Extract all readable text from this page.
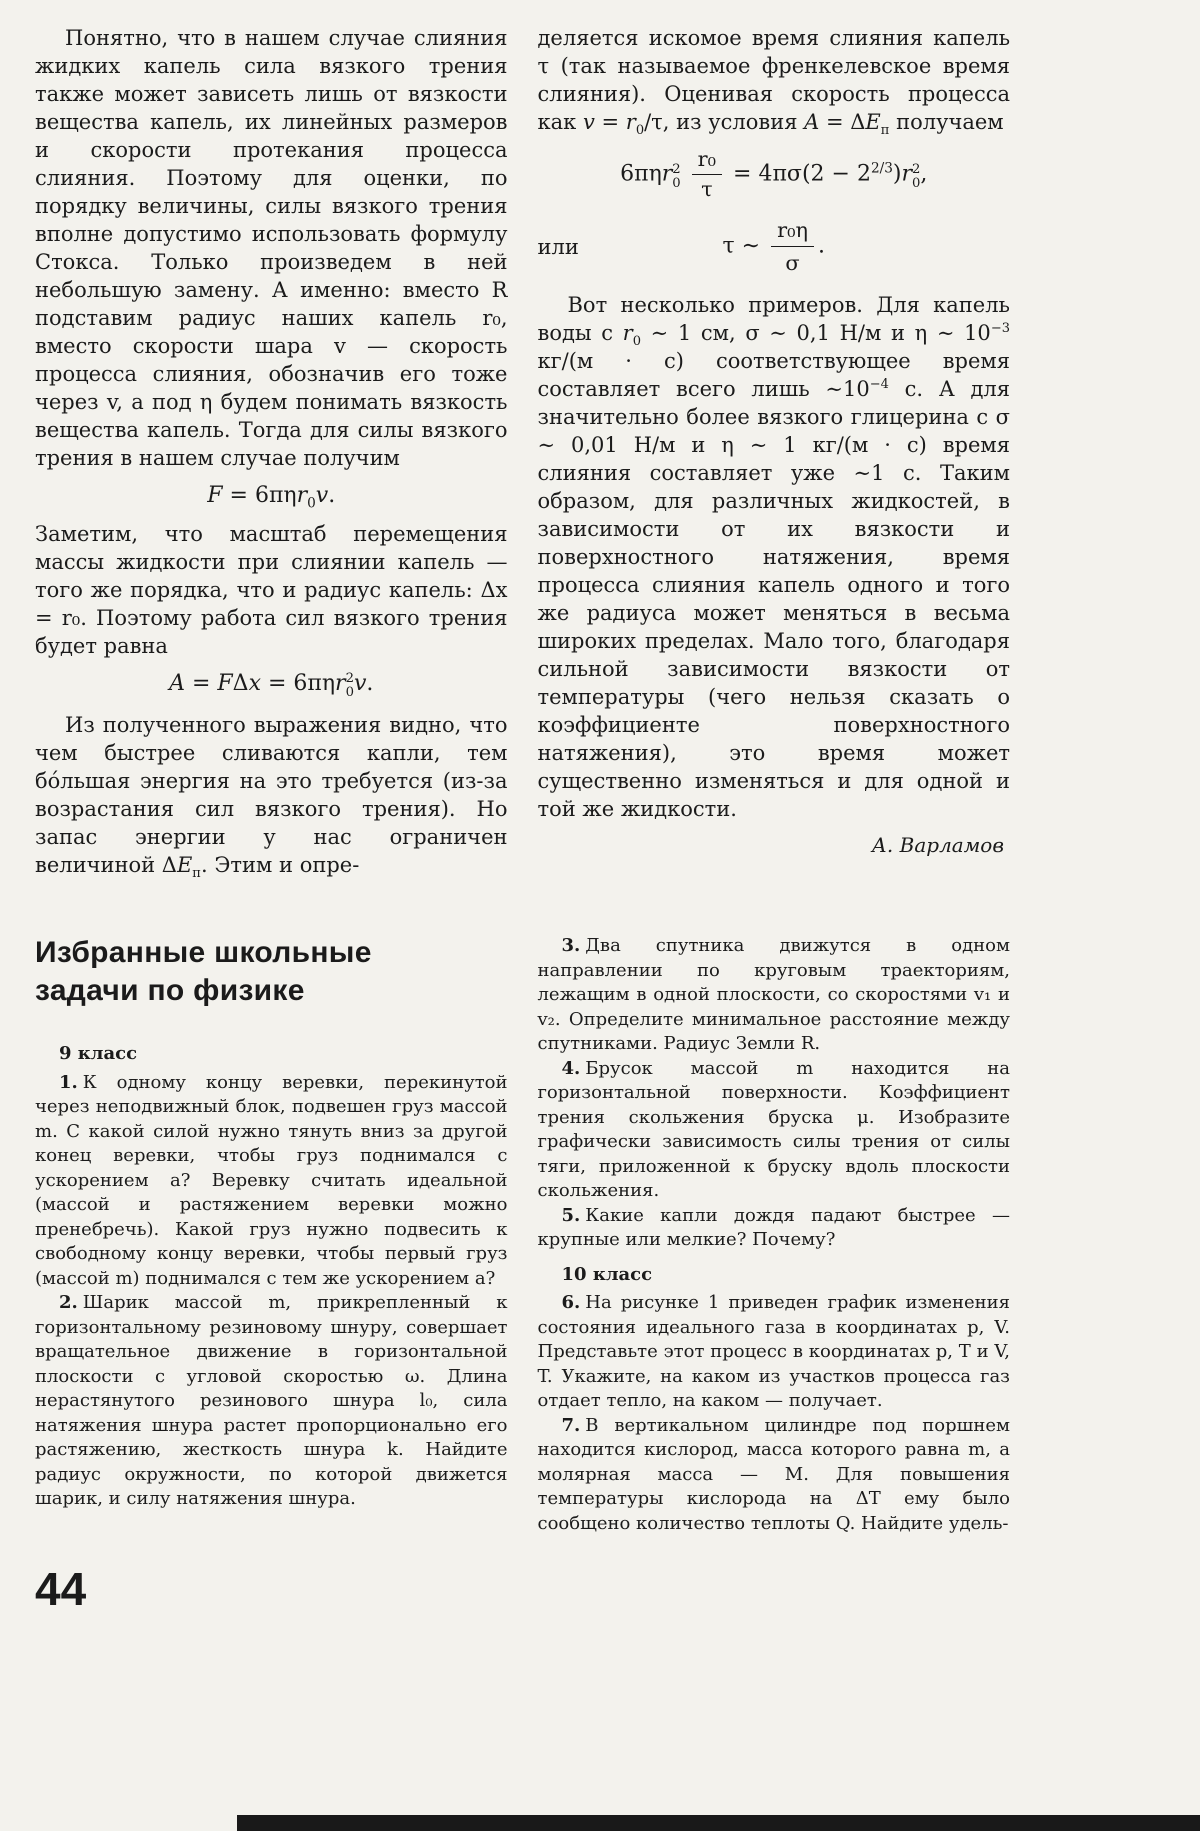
Понятно, что в нашем случае слияния жидких капель сила вязкого трения также может зависеть лишь от вязкости вещества капель, их линейных размеров и скорости протекания процесса слияния. Поэтому для оценки, по порядку величины, силы вязкого трения вполне допустимо использовать формулу Стокса. Только произведем в ней небольшую замену. А именно: вместо R подставим радиус наших капель r₀, вместо скорости шара v — скорость процесса слияния, обозначив его тоже через v, а под η будем понимать вязкость вещества капель. Тогда для силы вязкого трения в нашем случае получим

F = 6πηr$_0$v.

Заметим, что масштаб перемещения массы жидкости при слиянии капель — того же порядка, что и радиус капель: Δx = r₀. Поэтому работа сил вязкого трения будет равна

A = FΔx = 6πηr 2
0 v.

Из полученного выражения видно, что чем быстрее сливаются капли, тем бо́льшая энергия на это требуется (из-за возрастания сил вязкого трения). Но запас энергии у нас ограничен величиной $\Delta E_п$. Этим и опре-

деляется искомое время слияния капель τ (так называемое френкелевское время слияния). Оценивая скорость процесса как $v = r_0/\tau$, из условия $A = \Delta E_п$ получаем

6πηr 2
0
$\frac{\text{r₀}}{\tau} = 4\pi\sigma(2 - 2^{2/3})r$ 2
0 ,
или	τ ∼ $\frac{\text{r₀η}}{\sigma}$ .

Вот несколько примеров. Для капель воды с $r_0$ ∼ 1 см, σ ∼ 0,1 Н/м и η ∼ $10^{-3}$ кг/(м · с) соответствующее время составляет всего лишь $\sim 10^{-4}$ с. А для значительно более вязкого глицерина с σ ∼ 0,01 Н/м и η ∼ 1 кг/(м · с) время слияния составляет уже ∼1 с. Таким образом, для различных жидкостей, в зависимости от их вязкости и поверхностного натяжения, время процесса слияния капель одного и того же радиуса может меняться в весьма широких пределах. Мало того, благодаря сильной зависимости вязкости от температуры (чего нельзя сказать о коэффициенте поверхностного натяжения), это время может существенно изменяться и для одной и той же жидкости.

А. Варламов
Избранные школьные задачи по физике

9 класс

1. К одному концу веревки, перекинутой через неподвижный блок, подвешен груз массой m. С какой силой нужно тянуть вниз за другой конец веревки, чтобы груз поднимался с ускорением a? Веревку считать идеальной (массой и растяжением веревки можно пренебречь). Какой груз нужно подвесить к свободному концу веревки, чтобы первый груз (массой m) поднимался с тем же ускорением a?

2. Шарик массой m, прикрепленный к горизонтальному резиновому шнуру, совершает вращательное движение в горизонтальной плоскости с угловой скоростью ω. Длина нерастянутого резинового шнура l₀, сила натяжения шнура растет пропорционально его растяжению, жесткость шнура k. Найдите радиус окружности, по которой движется шарик, и силу натяжения шнура.

3. Два спутника движутся в одном направлении по круговым траекториям, лежащим в одной плоскости, со скоростями v₁ и v₂. Определите минимальное расстояние между спутниками. Радиус Земли R.

4. Брусок массой m находится на горизонтальной поверхности. Коэффициент трения скольжения бруска μ. Изобразите графически зависимость силы трения от силы тяги, приложенной к бруску вдоль плоскости скольжения.

5. Какие капли дождя падают быстрее — крупные или мелкие? Почему?

10 класс

6. На рисунке 1 приведен график изменения состояния идеального газа в координатах p, V. Представьте этот процесс в координатах p, T и V, T. Укажите, на каком из участков процесса газ отдает тепло, на каком — получает.

7. В вертикальном цилиндре под поршнем находится кислород, масса которого равна m, а молярная масса — M. Для повышения температуры кислорода на ΔT ему было сообщено количество теплоты Q. Найдите удель-

44
